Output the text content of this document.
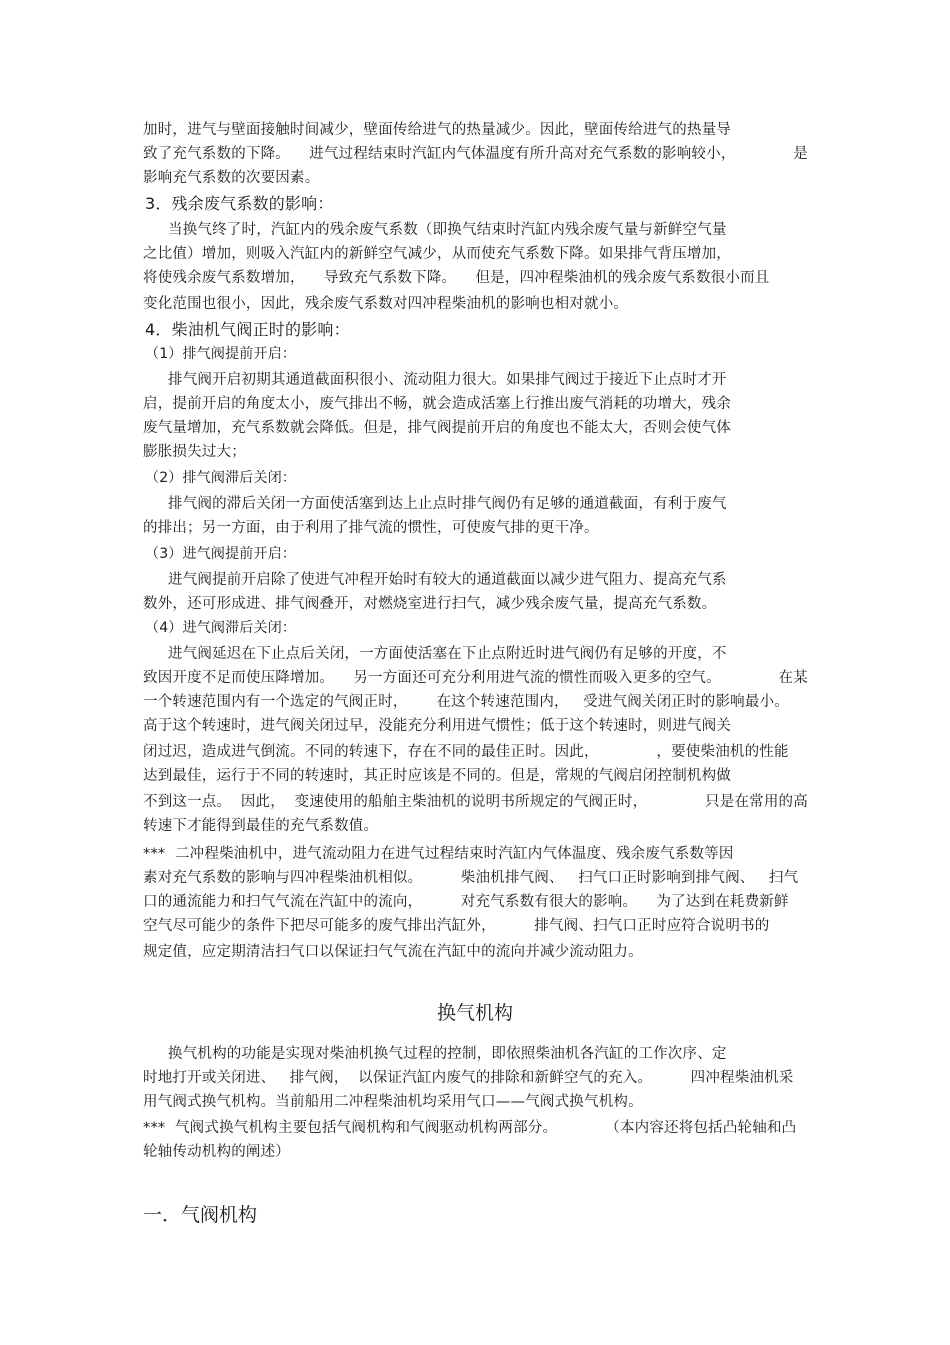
加时，进气与壁面接触时间减少，壁面传给进气的热量减少。因此，壁面传给进气的热量导
致了充气系数的下降。    进气过程结束时汽缸内气体温度有所升高对充气系数的影响较小，            是
影响充气系数的次要因素。
3．残余废气系数的影响：
当换气终了时，汽缸内的残余废气系数（即换气结束时汽缸内残余废气量与新鲜空气量
之比值）增加，则吸入汽缸内的新鲜空气减少，从而使充气系数下降。如果排气背压增加，
将使残余废气系数增加，    导致充气系数下降。    但是，四冲程柴油机的残余废气系数很小而且
变化范围也很小，因此，残余废气系数对四冲程柴油机的影响也相对就小。
4．柴油机气阀正时的影响：
（1）排气阀提前开启：
排气阀开启初期其通道截面积很小、流动阻力很大。如果排气阀过于接近下止点时才开
启，提前开启的角度太小，废气排出不畅，就会造成活塞上行推出废气消耗的功增大，残余
废气量增加，充气系数就会降低。但是，排气阀提前开启的角度也不能太大，否则会使气体
膨胀损失过大；
（2）排气阀滞后关闭：
排气阀的滞后关闭一方面使活塞到达上止点时排气阀仍有足够的通道截面，有利于废气
的排出；另一方面，由于利用了排气流的惯性，可使废气排的更干净。
（3）进气阀提前开启：
进气阀提前开启除了使进气冲程开始时有较大的通道截面以减少进气阻力、提高充气系
数外，还可形成进、排气阀叠开，对燃烧室进行扫气，减少残余废气量，提高充气系数。
（4）进气阀滞后关闭：
进气阀延迟在下止点后关闭，一方面使活塞在下止点附近时进气阀仍有足够的开度，不
致因开度不足而使压降增加。    另一方面还可充分利用进气流的惯性而吸入更多的空气。            在某
一个转速范围内有一个选定的气阀正时，      在这个转速范围内，   受进气阀关闭正时的影响最小。
高于这个转速时，进气阀关闭过早，没能充分利用进气惯性；低于这个转速时，则进气阀关
闭过迟，造成进气倒流。不同的转速下，存在不同的最佳正时。因此，            ，要使柴油机的性能
达到最佳，运行于不同的转速时，其正时应该是不同的。但是，常规的气阀启闭控制机构做
不到这一点。  因此，  变速使用的船舶主柴油机的说明书所规定的气阀正时，            只是在常用的高
转速下才能得到最佳的充气系数值。
***  二冲程柴油机中，进气流动阻力在进气过程结束时汽缸内气体温度、残余废气系数等因
素对充气系数的影响与四冲程柴油机相似。        柴油机排气阀、   扫气口正时影响到排气阀、   扫气
口的通流能力和扫气气流在汽缸中的流向，        对充气系数有很大的影响。    为了达到在耗费新鲜
空气尽可能少的条件下把尽可能多的废气排出汽缸外，        排气阀、扫气口正时应符合说明书的
规定值，应定期清洁扫气口以保证扫气气流在汽缸中的流向并减少流动阻力。
换气机构
换气机构的功能是实现对柴油机换气过程的控制，即依照柴油机各汽缸的工作次序、定
时地打开或关闭进、   排气阀，  以保证汽缸内废气的排除和新鲜空气的充入。        四冲程柴油机采
用气阀式换气机构。当前船用二冲程柴油机均采用气口——气阀式换气机构。
***  气阀式换气机构主要包括气阀机构和气阀驱动机构两部分。          （本内容还将包括凸轮轴和凸
轮轴传动机构的阐述）
一．气阀机构
